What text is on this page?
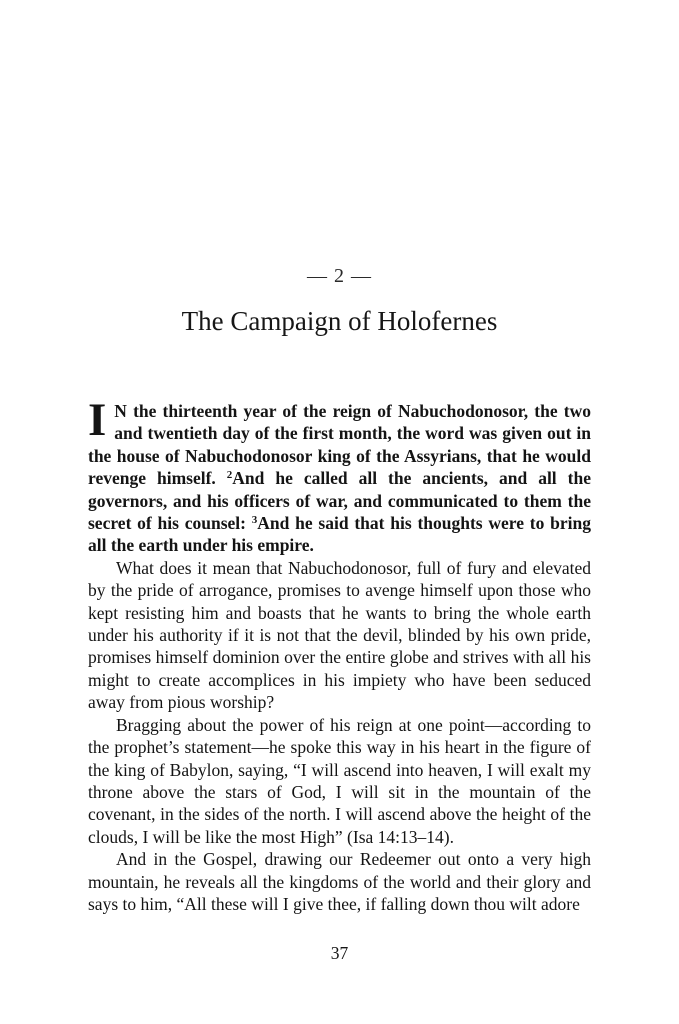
— 2 —
The Campaign of Holofernes

I N the thirteenth year of the reign of Nabuchodonosor, the two and twentieth day of the first month, the word was given out in the house of Nabuchodonosor king of the Assyrians, that he would revenge himself. $^2$And he called all the ancients, and all the governors, and his officers of war, and communicated to them the secret of his counsel: $^3$And he said that his thoughts were to bring all the earth under his empire.

What does it mean that Nabuchodonosor, full of fury and elevated by the pride of arrogance, promises to avenge himself upon those who kept resisting him and boasts that he wants to bring the whole earth under his authority if it is not that the devil, blinded by his own pride, promises himself dominion over the entire globe and strives with all his might to create accomplices in his impiety who have been seduced away from pious worship?

Bragging about the power of his reign at one point—according to the prophet’s statement—he spoke this way in his heart in the figure of the king of Babylon, saying, “I will ascend into heaven, I will exalt my throne above the stars of God, I will sit in the mountain of the covenant, in the sides of the north. I will ascend above the height of the clouds, I will be like the most High” (Isa 14:13–14).

And in the Gospel, drawing our Redeemer out onto a very high mountain, he reveals all the kingdoms of the world and their glory and says to him, “All these will I give thee, if falling down thou wilt adore

37
